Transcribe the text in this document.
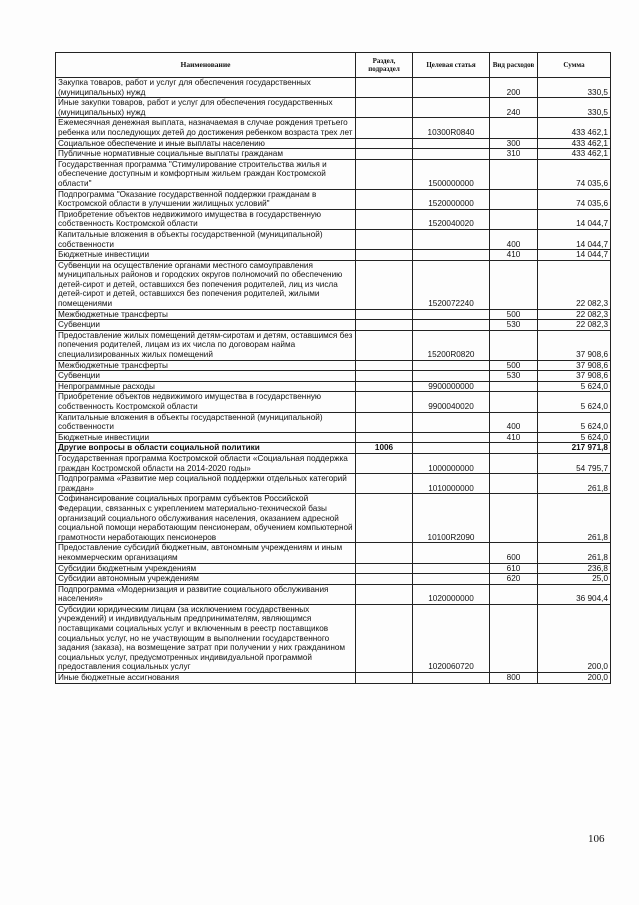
Наименование	Раздел, подраздел	Целевая статья	Вид расходов	Сумма
Закупка товаров, работ и услуг для обеспечения государственных (муниципальных) нужд			200	330,5
Иные закупки товаров, работ и услуг для обеспечения государственных (муниципальных) нужд			240	330,5
Ежемесячная денежная выплата, назначаемая в случае рождения третьего ребенка или последующих детей до достижения ребенком возраста трех лет		10300R0840		433 462,1
Социальное обеспечение и иные выплаты населению			300	433 462,1
Публичные нормативные социальные выплаты гражданам			310	433 462,1
Государственная программа "Стимулирование строительства жилья и обеспечение доступным и комфортным жильем граждан Костромской области"		1500000000		74 035,6
Подпрограмма "Оказание государственной поддержки гражданам в Костромской области в улучшении жилищных условий"		1520000000		74 035,6
Приобретение объектов недвижимого имущества в государственную собственность Костромской области		1520040020		14 044,7
Капитальные вложения в объекты государственной (муниципальной) собственности			400	14 044,7
Бюджетные инвестиции			410	14 044,7
Субвенции на осуществление органами местного самоуправления муниципальных районов и городских округов полномочий по обеспечению детей-сирот и детей, оставшихся без попечения родителей, лиц из числа детей-сирот и детей, оставшихся без попечения родителей, жилыми помещениями		1520072240		22 082,3
Межбюджетные трансферты			500	22 082,3
Субвенции			530	22 082,3
Предоставление жилых помещений детям-сиротам и детям, оставшимся без попечения родителей, лицам из их числа по договорам найма специализированных жилых помещений		15200R0820		37 908,6
Межбюджетные трансферты			500	37 908,6
Субвенции			530	37 908,6
Непрограммные расходы		9900000000		5 624,0
Приобретение объектов недвижимого имущества в государственную собственность Костромской области		9900040020		5 624,0
Капитальные вложения в объекты государственной (муниципальной) собственности			400	5 624,0
Бюджетные инвестиции			410	5 624,0
Другие вопросы в области социальной политики	1006			217 971,8
Государственная программа Костромской области «Социальная поддержка граждан Костромской области на 2014-2020 годы»		1000000000		54 795,7
Подпрограмма «Развитие мер социальной поддержки отдельных категорий граждан»		1010000000		261,8
Софинансирование социальных программ субъектов Российской Федерации, связанных с укреплением материально-технической базы организаций социального обслуживания населения, оказанием адресной социальной помощи неработающим пенсионерам, обучением компьютерной грамотности неработающих пенсионеров		10100R2090		261,8
Предоставление субсидий бюджетным, автономным учреждениям и иным некоммерческим организациям			600	261,8
Субсидии бюджетным учреждениям			610	236,8
Субсидии автономным учреждениям			620	25,0
Подпрограмма «Модернизация и развитие социального обслуживания населения»		1020000000		36 904,4
Субсидии юридическим лицам (за исключением государственных учреждений) и индивидуальным предпринимателям, являющимся поставщиками социальных услуг и включенным в реестр поставщиков социальных услуг, но не участвующим в выполнении государственного задания (заказа), на возмещение затрат при получении у них гражданином социальных услуг, предусмотренных индивидуальной программой предоставления социальных услуг		1020060720		200,0
Иные бюджетные ассигнования			800	200,0
106
